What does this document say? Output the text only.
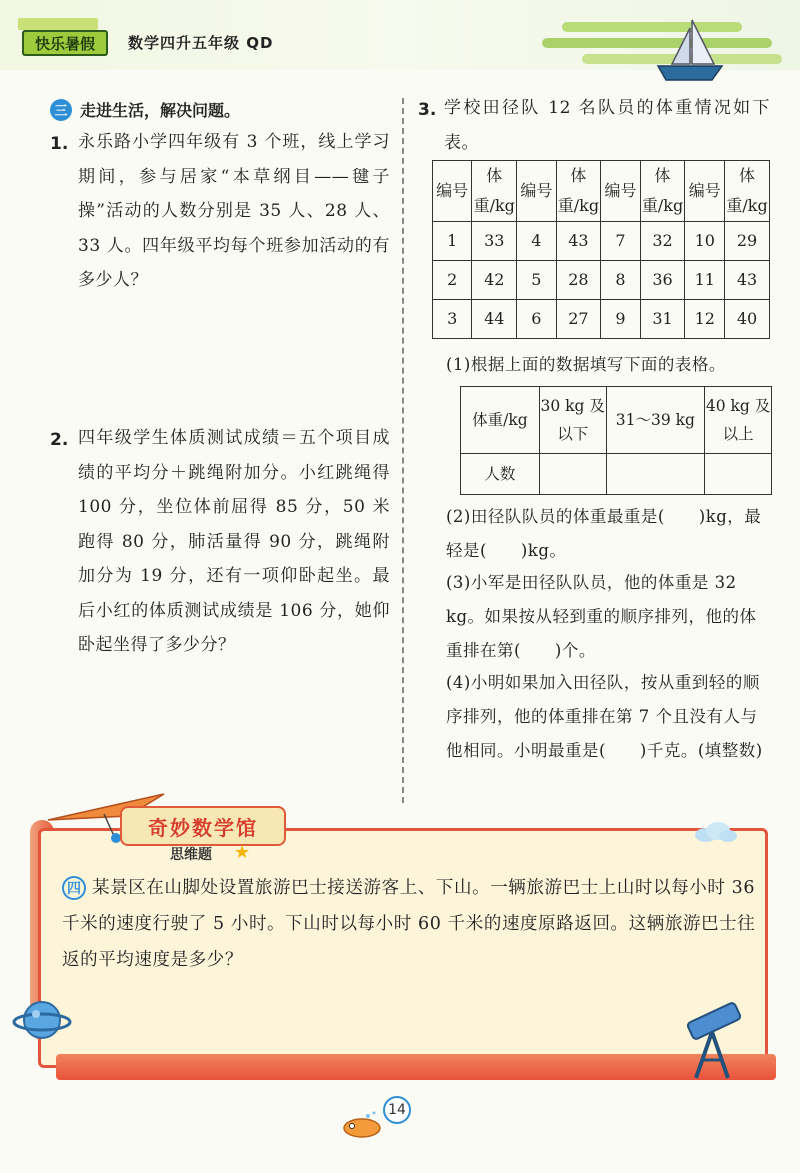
快乐暑假	数学四升五年级 QD
三 走进生活，解决问题。
1. 永乐路小学四年级有 3 个班，线上学习期间，参与居家“本草纲目——毽子操”活动的人数分别是 35 人、28 人、33 人。四年级平均每个班参加活动的有多少人？
2. 四年级学生体质测试成绩＝五个项目成绩的平均分＋跳绳附加分。小红跳绳得 100 分，坐位体前屈得 85 分，50 米跑得 80 分，肺活量得 90 分，跳绳附加分为 19 分，还有一项仰卧起坐。最后小红的体质测试成绩是 106 分，她仰卧起坐得了多少分？
3. 学校田径队 12 名队员的体重情况如下表。
编号	体重/kg	编号	体重/kg	编号	体重/kg	编号	体重/kg
1	33	4	43	7	32	10	29
2	42	5	28	8	36	11	43
3	44	6	27	9	31	12	40
(1)根据上面的数据填写下面的表格。
体重/kg	30 kg 及以下	31～39 kg	40 kg 及以上
人数			
(2)田径队队员的体重最重是(　　)kg，最轻是(　　)kg。
(3)小军是田径队队员，他的体重是 32 kg。如果按从轻到重的顺序排列，他的体重排在第(　　)个。
(4)小明如果加入田径队，按从重到轻的顺序排列，他的体重排在第 7 个且没有人与他相同。小明最重是(　　)千克。(填整数)
奇妙数学馆
思维题 ★
四 某景区在山脚处设置旅游巴士接送游客上、下山。一辆旅游巴士上山时以每小时 36 千米的速度行驶了 5 小时。下山时以每小时 60 千米的速度原路返回。这辆旅游巴士往返的平均速度是多少？
14
